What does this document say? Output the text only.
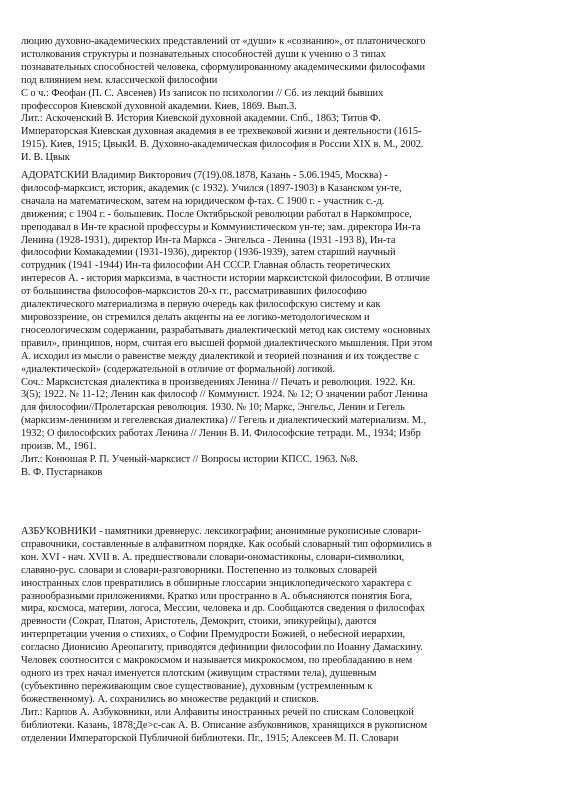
люцию духовно-академических представлений от «души» к «сознанию», от платонического
истолкования структуры и познавательных способностей души к учению о 3 типах
познавательных способностей человека, сформулированному академическими философами
под влиянием нем. классической философии
С о ч.: Феофан (П. С. Авсенев) Из записок по психологии // Сб. из лекций бывших
профессоров Киевской духовной академии. Киев, 1869. Вып.3.
Лит.: Аскоченский В. История Киевской духовной академии. Спб., 1863; Титов Ф.
Императорская Киевская духовная академия в ее трехвековой жизни и деятельности (1615-
1915). Киев, 1915; ЦвыкИ. В. Духовно-академическая философия в России XIX в. М., 2002.
И. В. Цвык
АДОРАТСКИЙ Владимир Викторович (7(19).08.1878, Казань - 5.06.1945, Москва) -
философ-марксист, историк, академик (с 1932). Учился (1897-1903) в Казанском ун-те,
сначала на математическом, затем на юридическом ф-тах. С 1900 г. - участник с.-д.
движения; с 1904 г. - большевик. После Октябрьской революции работал в Наркомпросе,
преподавал в Ин-те красной профессуры и Коммунистическом ун-те; зам. директора Ин-та
Ленина (1928-1931), директор Ин-та Маркса - Энгельса - Ленина (1931 -193 8), Ин-та
философии Комакадемии (1931-1936), директор (1936-1939), затем старший научный
сотрудник (1941 -1944) Ин-та философии АН СССР. Главная область теоретических
интересов А. - история марксизма, в частности истории марксистской философии. В отличие
от большинства философов-марксистов 20-х гг., рассматривавших философию
диалектического материализма в первую очередь как философскую систему и как
мировоззрение, он стремился делать акценты на ее логико-методологическом и
гносеологическом содержании, разрабатывать диалектический метод как систему «основных
правил», принципов, норм, считая его высшей формой диалектического мышления. При этом
А. исходил из мысли о равенстве между диалектикой и теорией познания и их тождестве с
«диалектической» (содержательной в отличие от формальной) логикой.
Соч.: Марксистская диалектика в произведениях Ленина // Печать и революция. 1922. Кн.
3(5); 1922. № 11-12; Ленин как философ // Коммунист. 1924. № 12; О значении работ Ленина
для философии//Пролетарская революция. 1930. № 10; Маркс, Энгельс, Ленин и Гегель
(марксизм-ленинизм и гегелевская диалектика) // Гегель и диалектический материализм. М.,
1932; О философских работах Ленина // Ленин В. И. Философские тетради. М., 1934; Избр
произв. М., 1961.
Лит.: Конюшая Р. П. Ученый-марксист // Вопросы истории КПСС. 1963. №8.
В. Ф. Пустарнаков
АЗБУКОВНИКИ - памятники древнерус. лексикографии; анонимные рукописные словари-
справочники, составленные в алфавитном порядке. Как особый словарный тип оформились в
кон. XVI - нач. XVII в. А. предшествовали словари-ономастиконы, словари-символики,
славяно-рус. словари и словари-разговорники. Постепенно из толковых словарей
иностранных слов превратились в обширные глоссарии энциклопедического характера с
разнообразными приложениями. Кратко или пространно в А. объясняются понятия Бога,
мира, космоса, материи, логоса, Мессии, человека и др. Сообщаются сведения о философах
древности (Сократ, Платон, Аристотель, Демокрит, стоики, эпикурейцы), даются
интерпретации учения о стихиях, о Софии Премудрости Божией, о небесной иерархии,
согласно Дионисию Ареопагиту, приводятся дефиниции философии по Иоанну Дамаскину.
Человек соотносится с макрокосмом и называется микрокосмом, по преобладанию в нем
одного из трех начал именуется плотским (живущим страстями тела), душевным
(субъективно переживающим свое существование), духовным (устремленным к
божественному). А. сохранились во множестве редакций и списков.
Лит.: Карпов А. Азбуковники, или Алфавиты иностранных речей по спискам Соловецкой
библиотеки. Казань, 1878;Де>с-сак А. В. Описание азбуковников, хранящихся в рукописном
отделении Императорской Публичной библиотеки. Пг., 1915; Алексеев М. П. Словари
